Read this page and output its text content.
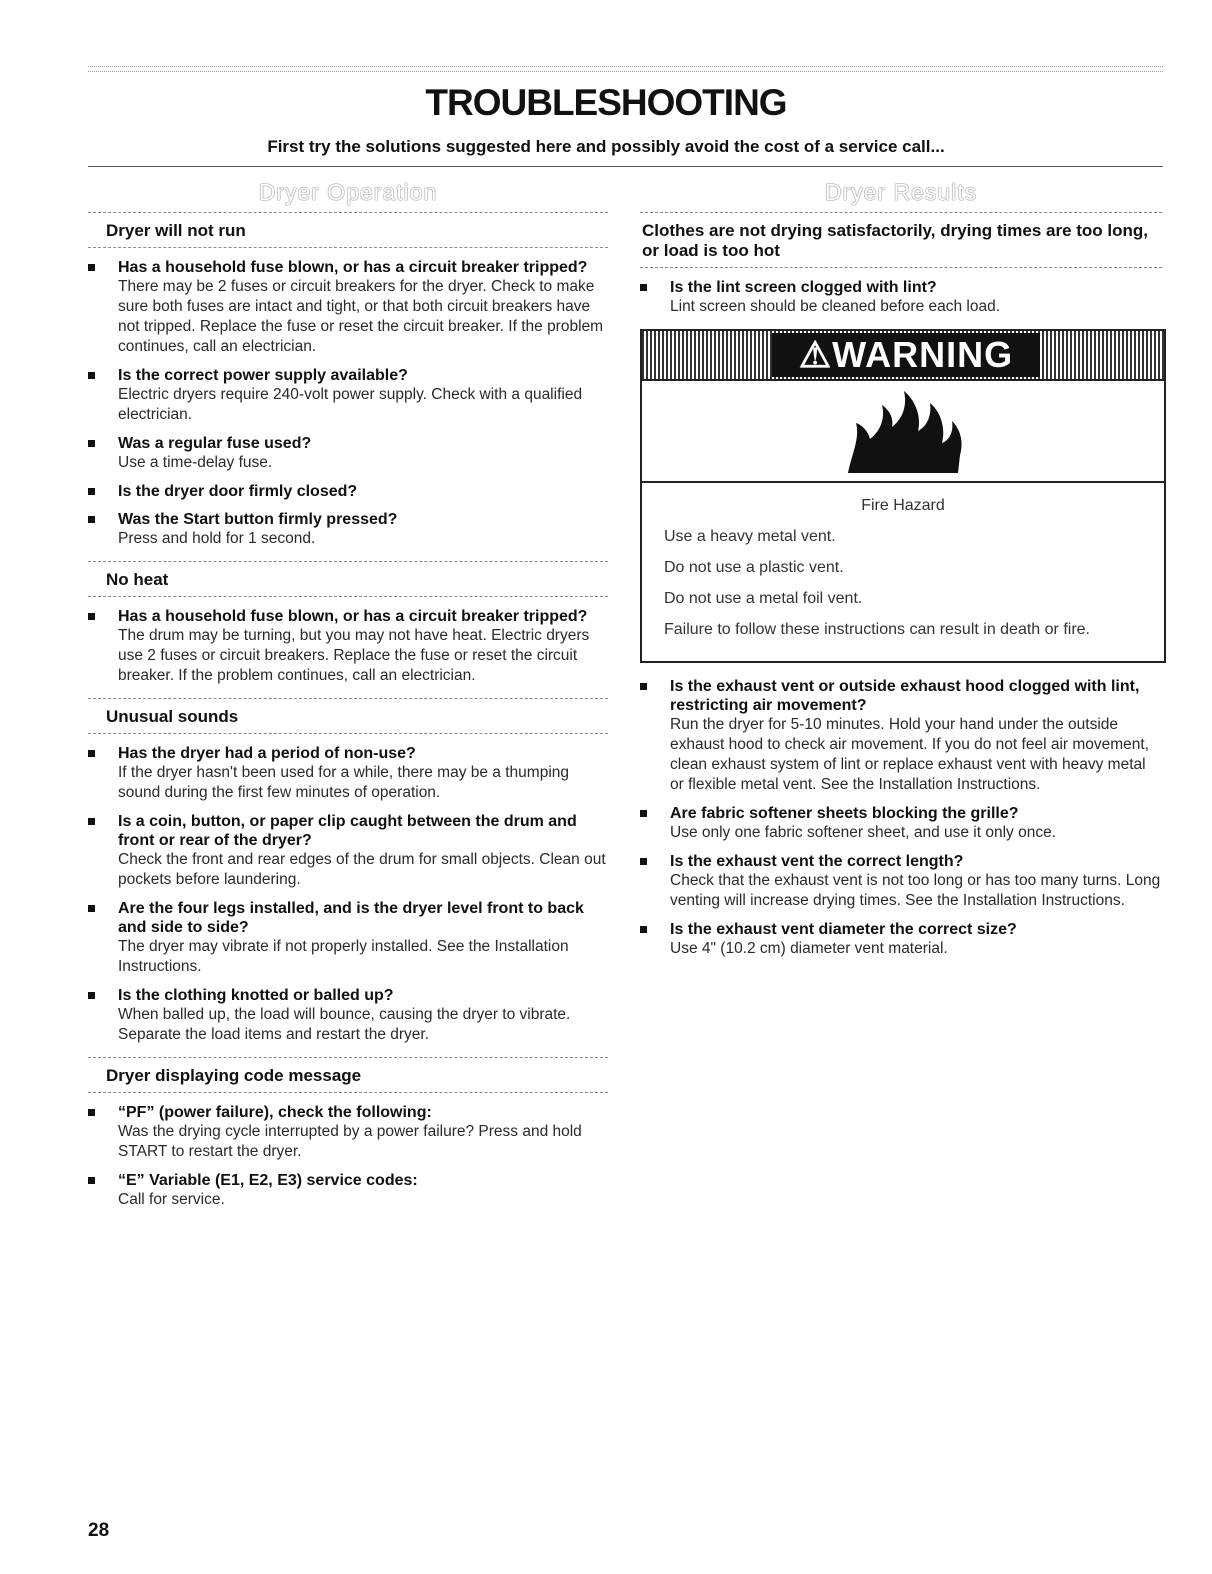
TROUBLESHOOTING
First try the solutions suggested here and possibly avoid the cost of a service call...
Dryer Operation
Dryer will not run
Has a household fuse blown, or has a circuit breaker tripped?
There may be 2 fuses or circuit breakers for the dryer. Check to make sure both fuses are intact and tight, or that both circuit breakers have not tripped. Replace the fuse or reset the circuit breaker. If the problem continues, call an electrician.
Is the correct power supply available?
Electric dryers require 240-volt power supply. Check with a qualified electrician.
Was a regular fuse used?
Use a time-delay fuse.
Is the dryer door firmly closed?
Was the Start button firmly pressed?
Press and hold for 1 second.
No heat
Has a household fuse blown, or has a circuit breaker tripped?
The drum may be turning, but you may not have heat. Electric dryers use 2 fuses or circuit breakers. Replace the fuse or reset the circuit breaker. If the problem continues, call an electrician.
Unusual sounds
Has the dryer had a period of non-use?
If the dryer hasn't been used for a while, there may be a thumping sound during the first few minutes of operation.
Is a coin, button, or paper clip caught between the drum and front or rear of the dryer?
Check the front and rear edges of the drum for small objects. Clean out pockets before laundering.
Are the four legs installed, and is the dryer level front to back and side to side?
The dryer may vibrate if not properly installed. See the Installation Instructions.
Is the clothing knotted or balled up?
When balled up, the load will bounce, causing the dryer to vibrate. Separate the load items and restart the dryer.
Dryer displaying code message
“PF” (power failure), check the following:
Was the drying cycle interrupted by a power failure? Press and hold START to restart the dryer.
“E” Variable (E1, E2, E3) service codes:
Call for service.
Dryer Results
Clothes are not drying satisfactorily, drying times are too long, or load is too hot
Is the lint screen clogged with lint?
Lint screen should be cleaned before each load.
⚠WARNING
Fire Hazard
Use a heavy metal vent.
Do not use a plastic vent.
Do not use a metal foil vent.
Failure to follow these instructions can result in death or fire.
Is the exhaust vent or outside exhaust hood clogged with lint, restricting air movement?
Run the dryer for 5-10 minutes. Hold your hand under the outside exhaust hood to check air movement. If you do not feel air movement, clean exhaust system of lint or replace exhaust vent with heavy metal or flexible metal vent. See the Installation Instructions.
Are fabric softener sheets blocking the grille?
Use only one fabric softener sheet, and use it only once.
Is the exhaust vent the correct length?
Check that the exhaust vent is not too long or has too many turns. Long venting will increase drying times. See the Installation Instructions.
Is the exhaust vent diameter the correct size?
Use 4" (10.2 cm) diameter vent material.
28
